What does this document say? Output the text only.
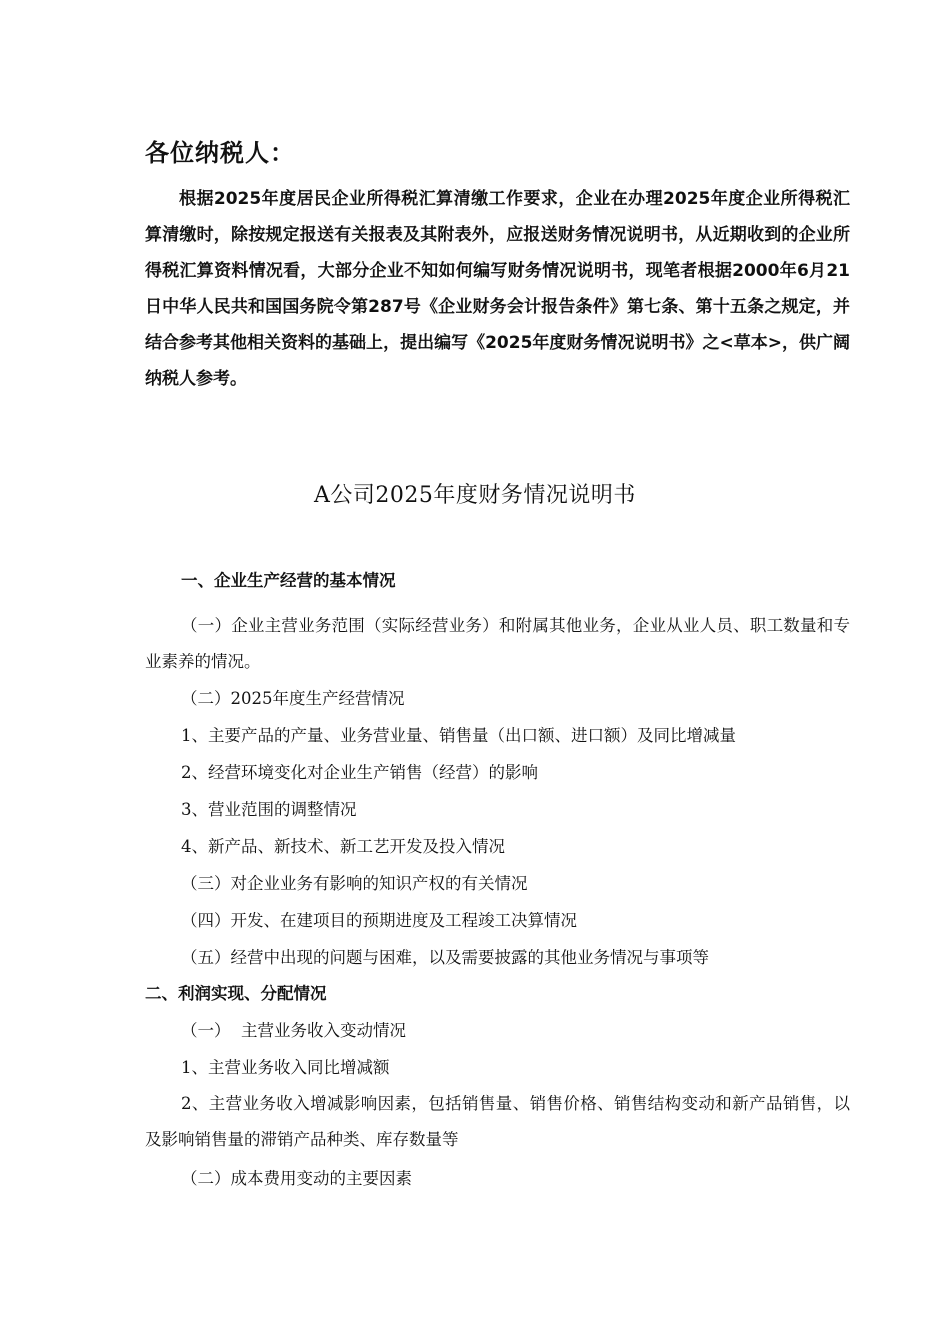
各位纳税人：
根据2025年度居民企业所得税汇算清缴工作要求，企业在办理2025年度企业所得税汇算清缴时，除按规定报送有关报表及其附表外，应报送财务情况说明书，从近期收到的企业所得税汇算资料情况看，大部分企业不知如何编写财务情况说明书，现笔者根据2000年6月21日中华人民共和国国务院令第287号《企业财务会计报告条件》第七条、第十五条之规定，并结合参考其他相关资料的基础上，提出编写《2025年度财务情况说明书》之<草本>，供广阔纳税人参考。
A公司2025年度财务情况说明书
一、企业生产经营的基本情况
（一）企业主营业务范围（实际经营业务）和附属其他业务，企业从业人员、职工数量和专业素养的情况。
（二）2025年度生产经营情况
1、主要产品的产量、业务营业量、销售量（出口额、进口额）及同比增减量
2、经营环境变化对企业生产销售（经营）的影响
3、营业范围的调整情况
4、新产品、新技术、新工艺开发及投入情况
（三）对企业业务有影响的知识产权的有关情况
（四）开发、在建项目的预期进度及工程竣工决算情况
（五）经营中出现的问题与困难，以及需要披露的其他业务情况与事项等
二、利润实现、分配情况
（一）  主营业务收入变动情况
1、主营业务收入同比增减额
2、主营业务收入增减影响因素，包括销售量、销售价格、销售结构变动和新产品销售，以及影响销售量的滞销产品种类、库存数量等
（二）成本费用变动的主要因素
